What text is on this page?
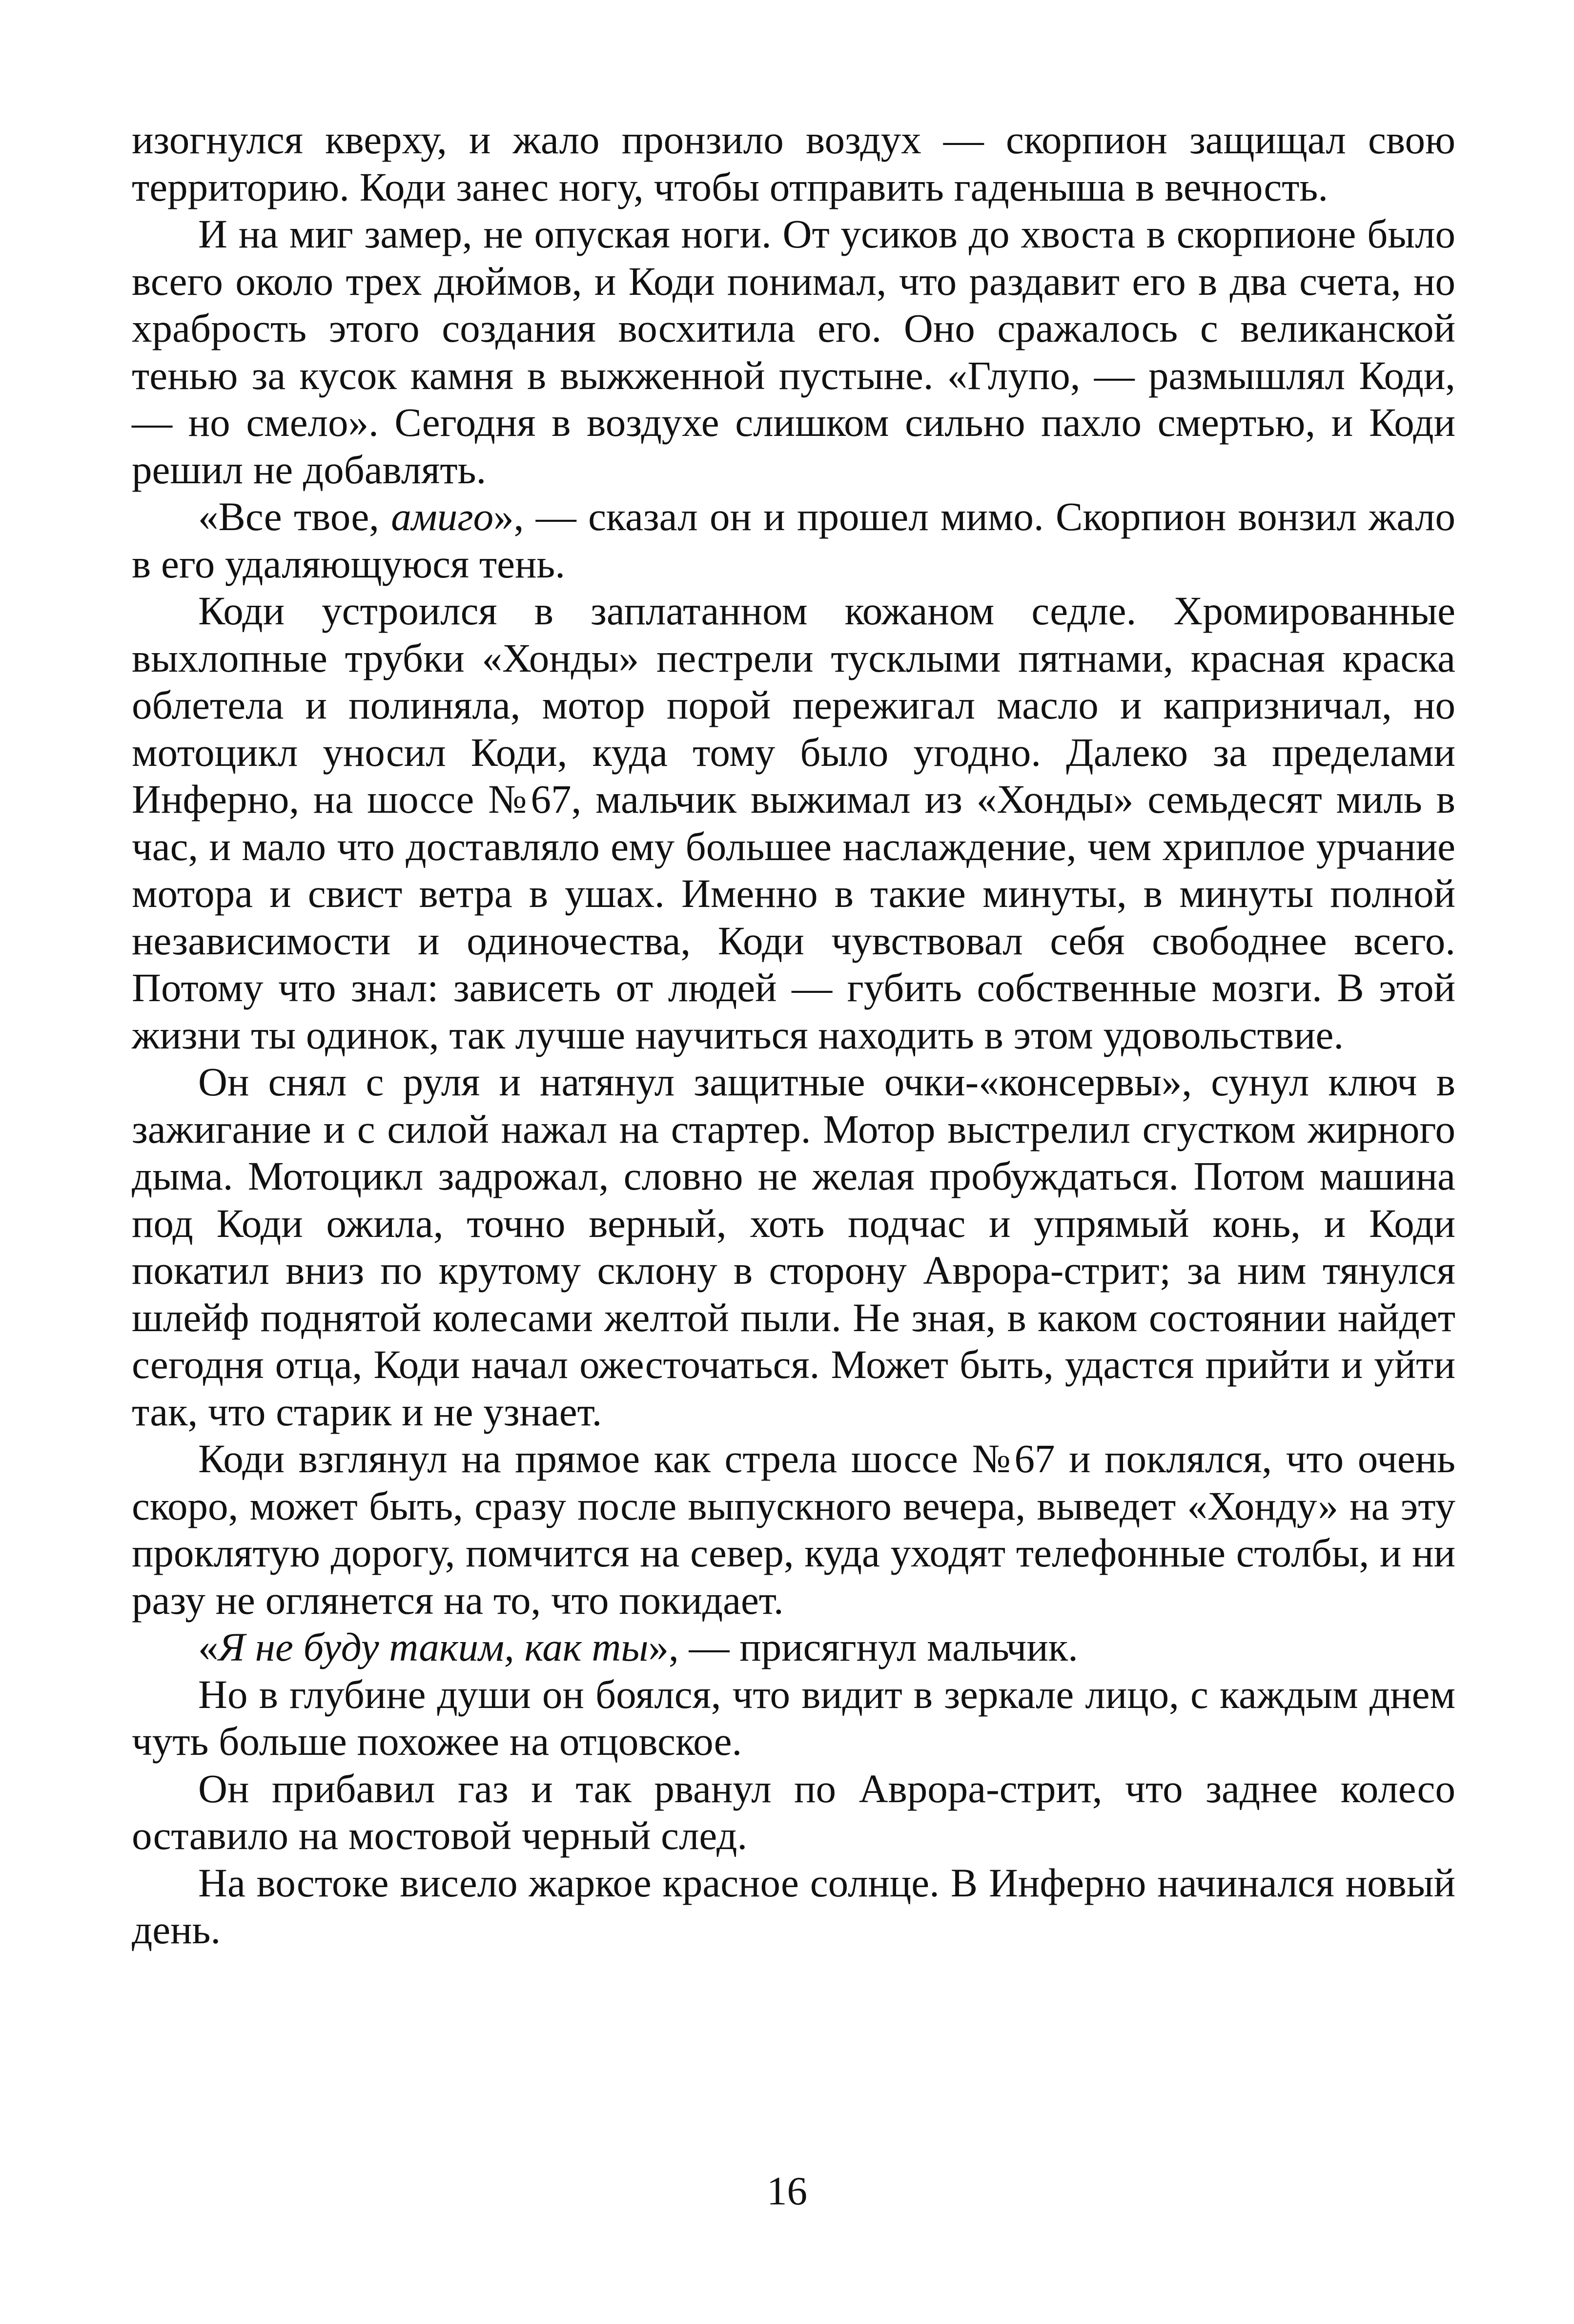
изогнулся кверху, и жало пронзило воздух — скорпион защищал свою территорию. Коди занес ногу, чтобы отправить гаденыша в вечность.

И на миг замер, не опуская ноги. От усиков до хвоста в скорпионе было всего около трех дюймов, и Коди понимал, что раздавит его в два счета, но храбрость этого создания восхитила его. Оно сражалось с великанской тенью за кусок камня в выжженной пустыне. «Глупо, — размышлял Коди, — но смело». Сегодня в воздухе слишком сильно пахло смертью, и Коди решил не добавлять.

«Все твое, амиго», — сказал он и прошел мимо. Скорпион вонзил жало в его удаляющуюся тень.

Коди устроился в заплатанном кожаном седле. Хромированные выхлопные трубки «Хонды» пестрели тусклыми пятнами, красная краска облетела и полиняла, мотор порой пережигал масло и капризничал, но мотоцикл уносил Коди, куда тому было угодно. Далеко за пределами Инферно, на шоссе №67, мальчик выжимал из «Хонды» семьдесят миль в час, и мало что доставляло ему большее наслаждение, чем хриплое урчание мотора и свист ветра в ушах. Именно в такие минуты, в минуты полной независимости и одиночества, Коди чувствовал себя свободнее всего. Потому что знал: зависеть от людей — губить собственные мозги. В этой жизни ты одинок, так лучше научиться находить в этом удовольствие.

Он снял с руля и натянул защитные очки-«консервы», сунул ключ в зажигание и с силой нажал на стартер. Мотор выстрелил сгустком жирного дыма. Мотоцикл задрожал, словно не желая пробуждаться. Потом машина под Коди ожила, точно верный, хоть подчас и упрямый конь, и Коди покатил вниз по крутому склону в сторону Аврора-стрит; за ним тянулся шлейф поднятой колесами желтой пыли. Не зная, в каком состоянии найдет сегодня отца, Коди начал ожесточаться. Может быть, удастся прийти и уйти так, что старик и не узнает.

Коди взглянул на прямое как стрела шоссе №67 и поклялся, что очень скоро, может быть, сразу после выпускного вечера, выведет «Хонду» на эту проклятую дорогу, помчится на север, куда уходят телефонные столбы, и ни разу не оглянется на то, что покидает.

«Я не буду таким, как ты», — присягнул мальчик.

Но в глубине души он боялся, что видит в зеркале лицо, с каждым днем чуть больше похожее на отцовское.

Он прибавил газ и так рванул по Аврора-стрит, что заднее колесо оставило на мостовой черный след.

На востоке висело жаркое красное солнце. В Инферно начинался новый день.

16
